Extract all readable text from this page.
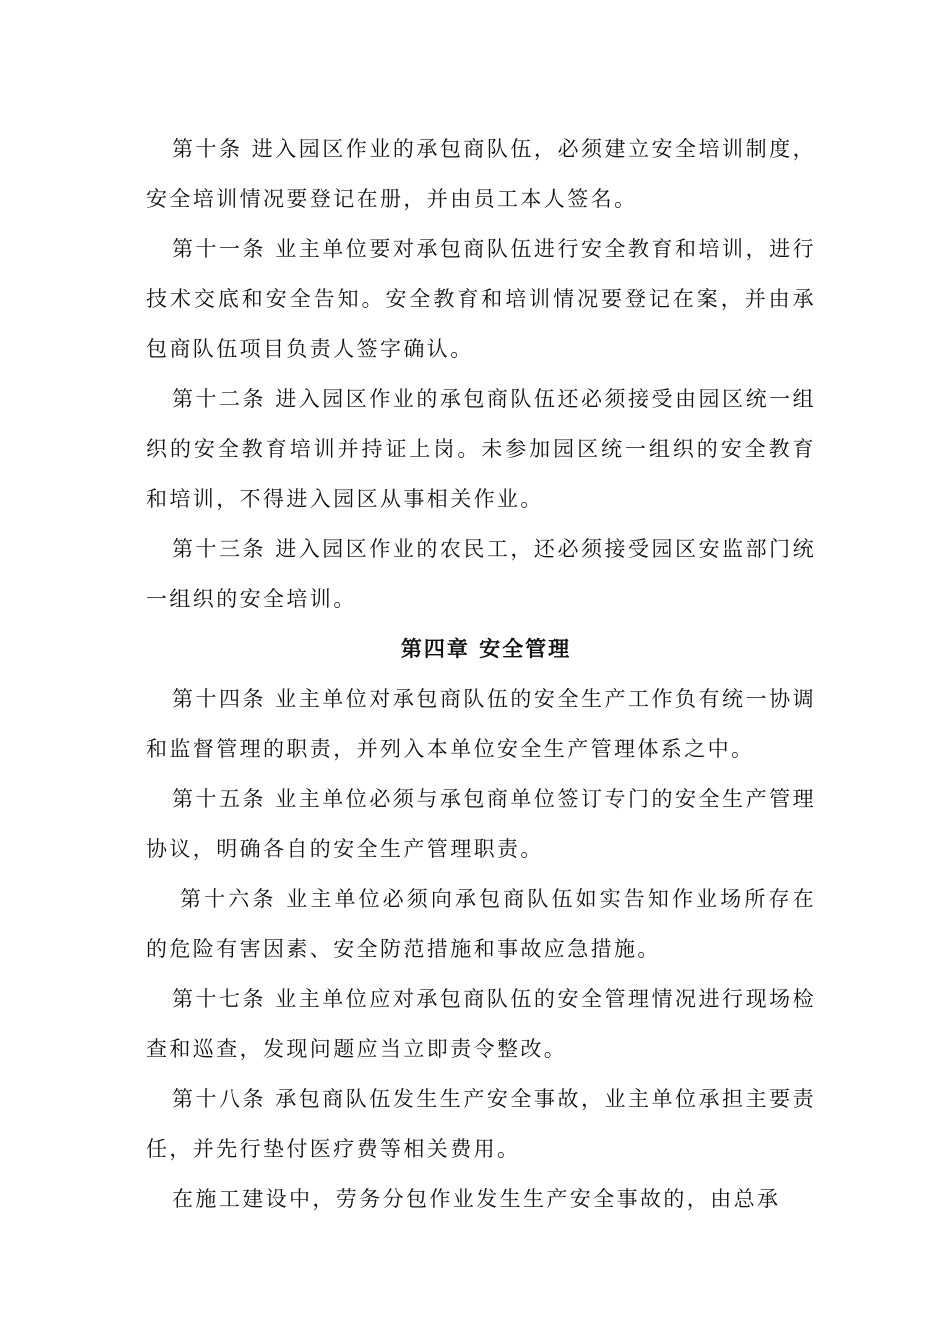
第十条 进入园区作业的承包商队伍，必须建立安全培训制度，安全培训情况要登记在册，并由员工本人签名。

第十一条 业主单位要对承包商队伍进行安全教育和培训，进行技术交底和安全告知。安全教育和培训情况要登记在案，并由承包商队伍项目负责人签字确认。

第十二条 进入园区作业的承包商队伍还必须接受由园区统一组织的安全教育培训并持证上岗。未参加园区统一组织的安全教育和培训，不得进入园区从事相关作业。

第十三条 进入园区作业的农民工，还必须接受园区安监部门统一组织的安全培训。

第四章 安全管理

第十四条 业主单位对承包商队伍的安全生产工作负有统一协调和监督管理的职责，并列入本单位安全生产管理体系之中。

第十五条 业主单位必须与承包商单位签订专门的安全生产管理协议，明确各自的安全生产管理职责。

第十六条 业主单位必须向承包商队伍如实告知作业场所存在的危险有害因素、安全防范措施和事故应急措施。

第十七条 业主单位应对承包商队伍的安全管理情况进行现场检查和巡查，发现问题应当立即责令整改。

第十八条 承包商队伍发生生产安全事故，业主单位承担主要责任，并先行垫付医疗费等相关费用。

在施工建设中，劳务分包作业发生生产安全事故的，由总承
